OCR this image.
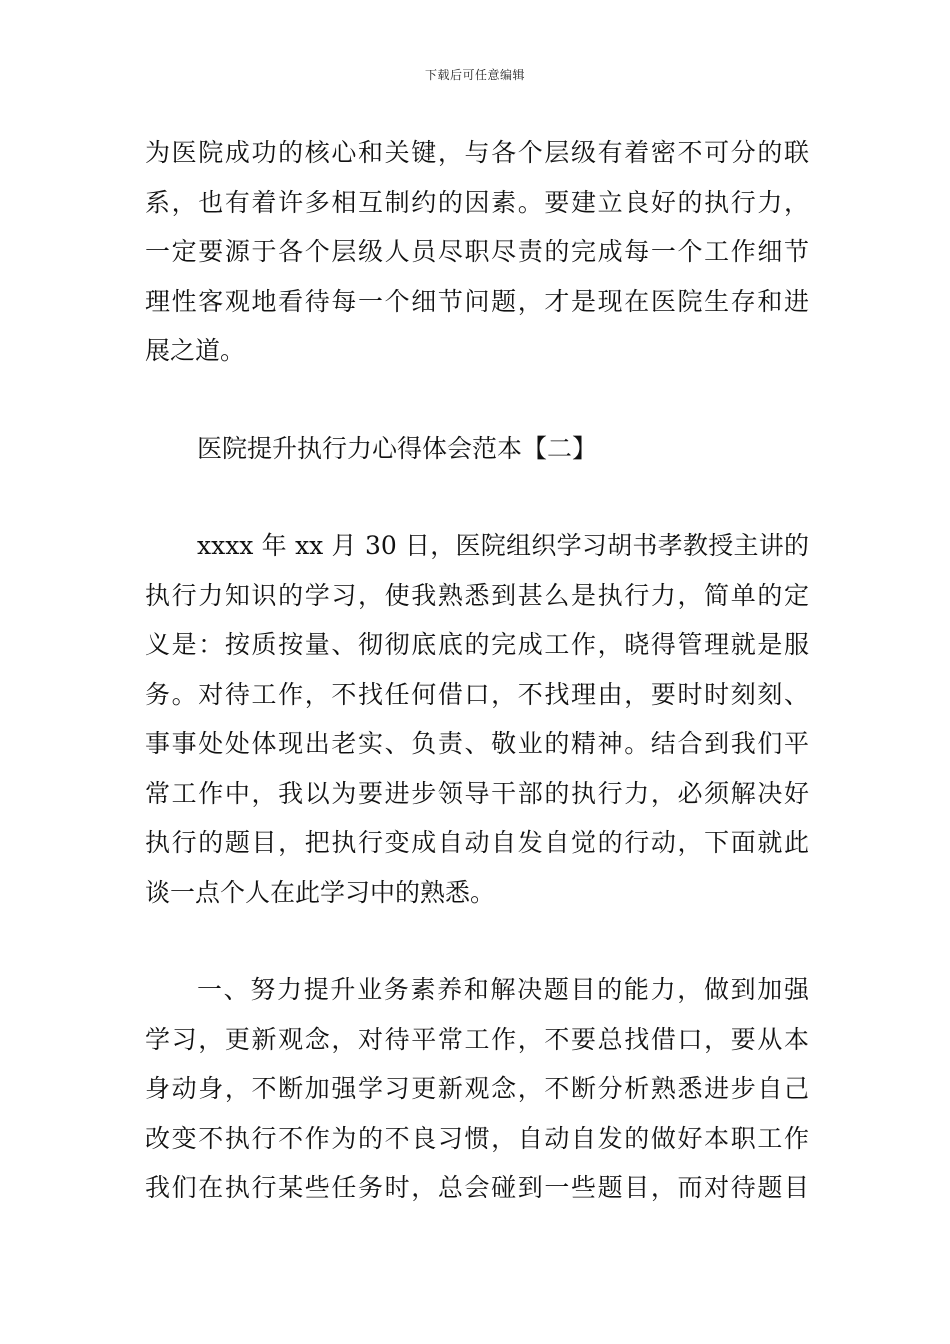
下载后可任意编辑
为医院成功的核心和关键，与各个层级有着密不可分的联
系，也有着许多相互制约的因素。要建立良好的执行力，
一定要源于各个层级人员尽职尽责的完成每一个工作细节
理性客观地看待每一个细节问题，才是现在医院生存和进
展之道。
医院提升执行力心得体会范本【二】
xxxx 年 xx 月 30 日，医院组织学习胡书孝教授主讲的
执行力知识的学习，使我熟悉到甚么是执行力，简单的定
义是：按质按量、彻彻底底的完成工作，晓得管理就是服
务。对待工作，不找任何借口，不找理由，要时时刻刻、
事事处处体现出老实、负责、敬业的精神。结合到我们平
常工作中，我以为要进步领导干部的执行力，必须解决好
执行的题目，把执行变成自动自发自觉的行动，下面就此
谈一点个人在此学习中的熟悉。
一、努力提升业务素养和解决题目的能力，做到加强
学习，更新观念，对待平常工作，不要总找借口，要从本
身动身，不断加强学习更新观念，不断分析熟悉进步自己
改变不执行不作为的不良习惯，自动自发的做好本职工作
我们在执行某些任务时，总会碰到一些题目，而对待题目
